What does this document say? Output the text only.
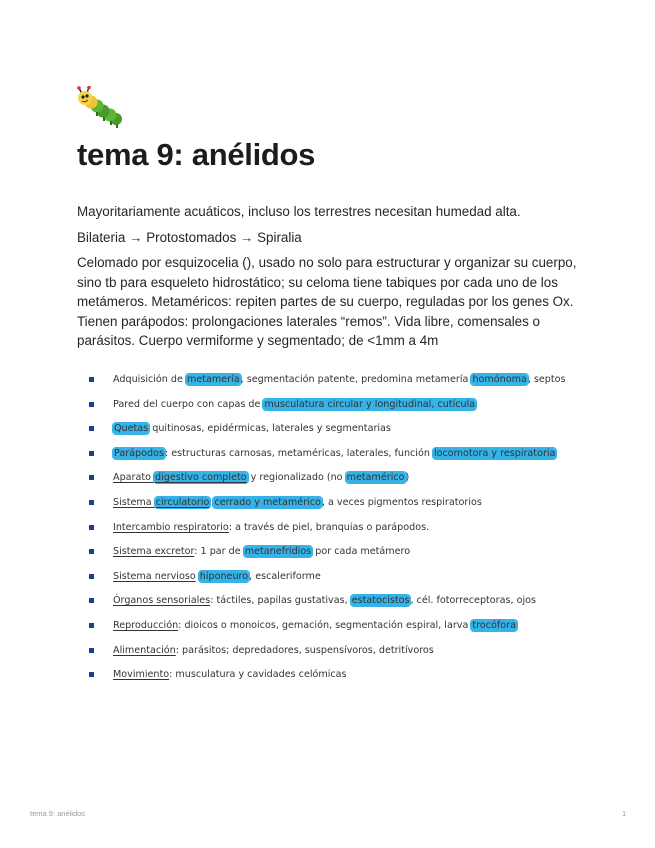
tema 9: anélidos

Mayoritariamente acuáticos, incluso los terrestres necesitan humedad alta.

Bilateria → Protostomados → Spiralia

Celomado por esquizocelia (), usado no solo para estructurar y organizar su cuerpo, sino tb para esqueleto hidrostático; su celoma tiene tabiques por cada uno de los metámeros. Metaméricos: repiten partes de su cuerpo, reguladas por los genes Ox. Tienen parápodos: prolongaciones laterales “remos”. Vida libre, comensales o parásitos. Cuerpo vermiforme y segmentado; de <1mm a 4m

Adquisición de metamería, segmentación patente, predomina metamería homónoma, septos
Pared del cuerpo con capas de musculatura circular y longitudinal, cutícula
Quetas quitinosas, epidérmicas, laterales y segmentarias
Parápodos: estructuras carnosas, metaméricas, laterales, función locomotora y respiratoria
Aparato digestivo completo y regionalizado (no metamérico)
Sistema circulatorio cerrado y metamérico, a veces pigmentos respiratorios
Intercambio respiratorio: a través de piel, branquias o parápodos.
Sistema excretor: 1 par de metanefridios por cada metámero
Sistema nervioso hiponeuro, escaleriforme
Órganos sensoriales: táctiles, papilas gustativas, estatocistos, cél. fotorreceptoras, ojos
Reproducción: dioicos o monoicos, gemación, segmentación espiral, larva trocófora
Alimentación: parásitos; depredadores, suspensívoros, detritívoros
Movimiento: musculatura y cavidades celómicas
tema 9: anélidos	1
